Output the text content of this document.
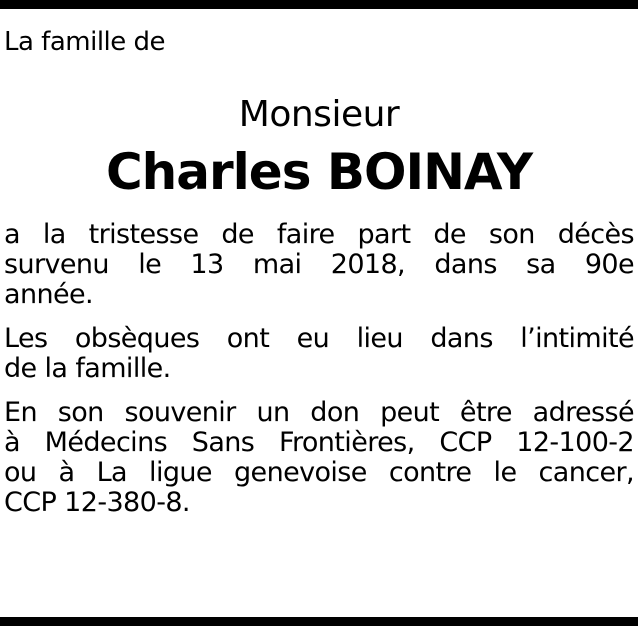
La famille de

Monsieur

Charles BOINAY

a la tristesse de faire part de son décès
survenu le 13 mai 2018, dans sa 90e
année.

Les obsèques ont eu lieu dans l’intimité
de la famille.

En son souvenir un don peut être adressé
à Médecins Sans Frontières, CCP 12-100-2
ou à La ligue genevoise contre le cancer,
CCP 12-380-8.
